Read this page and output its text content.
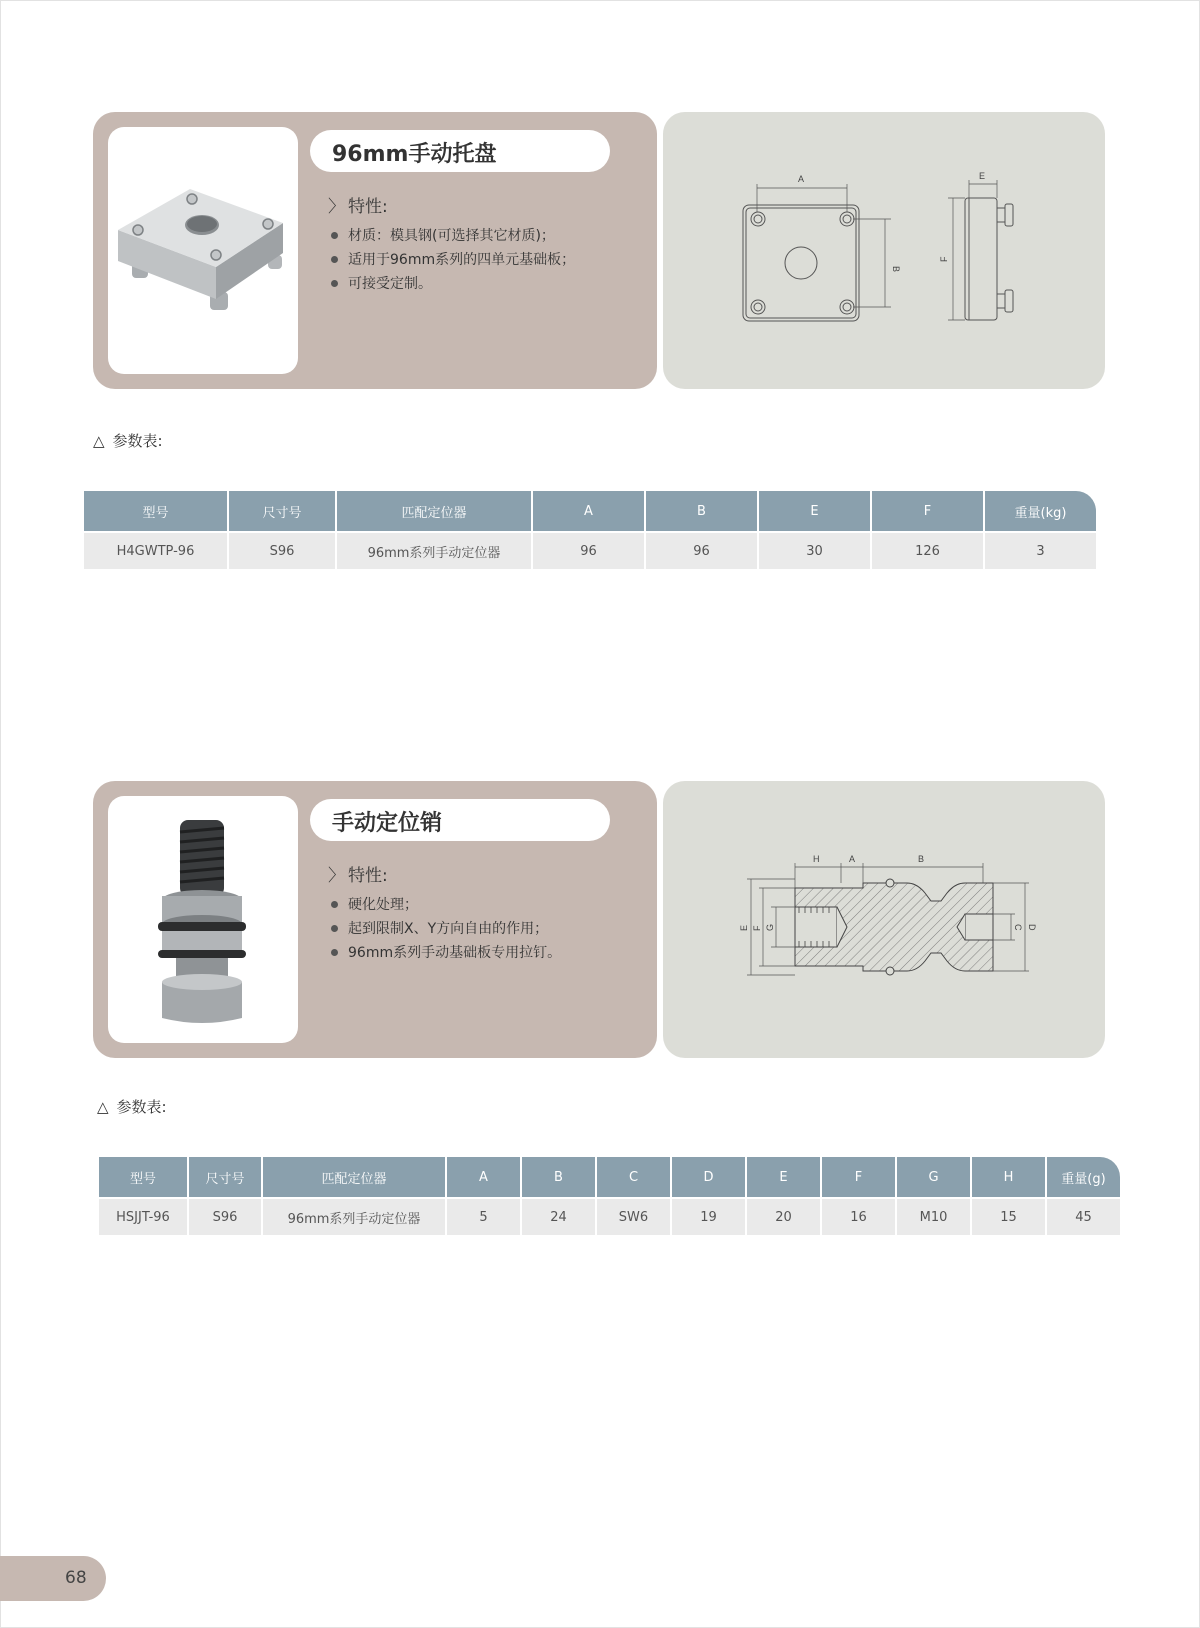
96mm手动托盘
〉 特性:
材质：模具钢(可选择其它材质)；
适用于96mm系列的四单元基础板；
可接受定制。
A
B
E
F
△ 参数表:
型号	尺寸号	匹配定位器	A	B	E	F	重量(kg)
H4GWTP-96	S96	96mm系列手动定位器	96	96	30	126	3
手动定位销
〉 特性:
硬化处理；
起到限制X、Y方向自由的作用；
96mm系列手动基础板专用拉钉。
H	A	B
E F G	C D
△ 参数表:
型号	尺寸号	匹配定位器	A	B	C	D	E	F	G	H	重量(g)
HSJJT-96	S96	96mm系列手动定位器	5	24	SW6	19	20	16	M10	15	45
68
